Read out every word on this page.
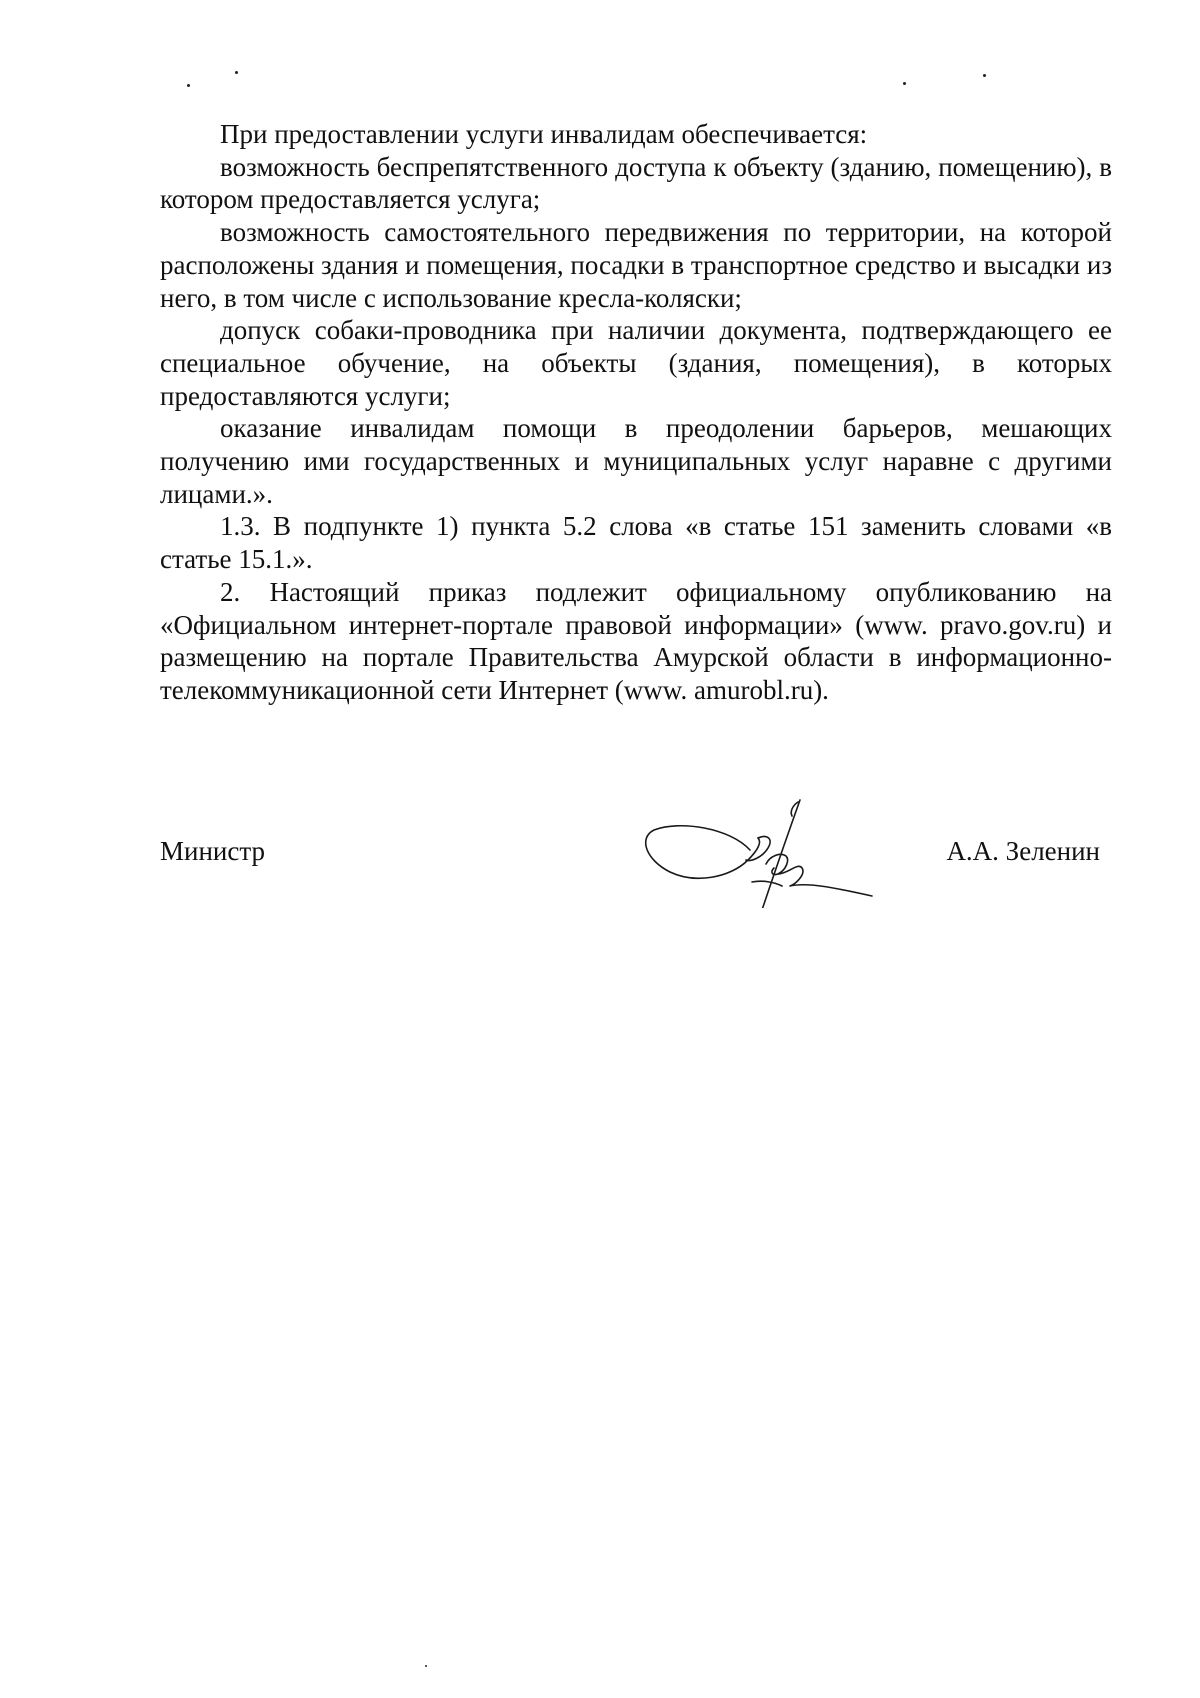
При предоставлении услуги инвалидам обеспечивается:

возможность беспрепятственного доступа к объекту (зданию, помещению), в котором предоставляется услуга;

возможность самостоятельного передвижения по территории, на которой расположены здания и помещения, посадки в транспортное средство и высадки из него, в том числе с использование кресла-коляски;

допуск собаки-проводника при наличии документа, подтверждающего ее специальное обучение, на объекты (здания, помещения), в которых предоставляются услуги;

оказание инвалидам помощи в преодолении барьеров, мешающих получению ими государственных и муниципальных услуг наравне с другими лицами.».

1.3. В подпункте 1) пункта 5.2 слова «в статье 151 заменить словами «в статье 15.1.».

2. Настоящий приказ подлежит официальному опубликованию на «Официальном интернет-портале правовой информации» (www. pravo.gov.ru) и размещению на портале Правительства Амурской области в информационно-телекоммуникационной сети Интернет (www. amurobl.ru).

Министр	А.А. Зеленин
